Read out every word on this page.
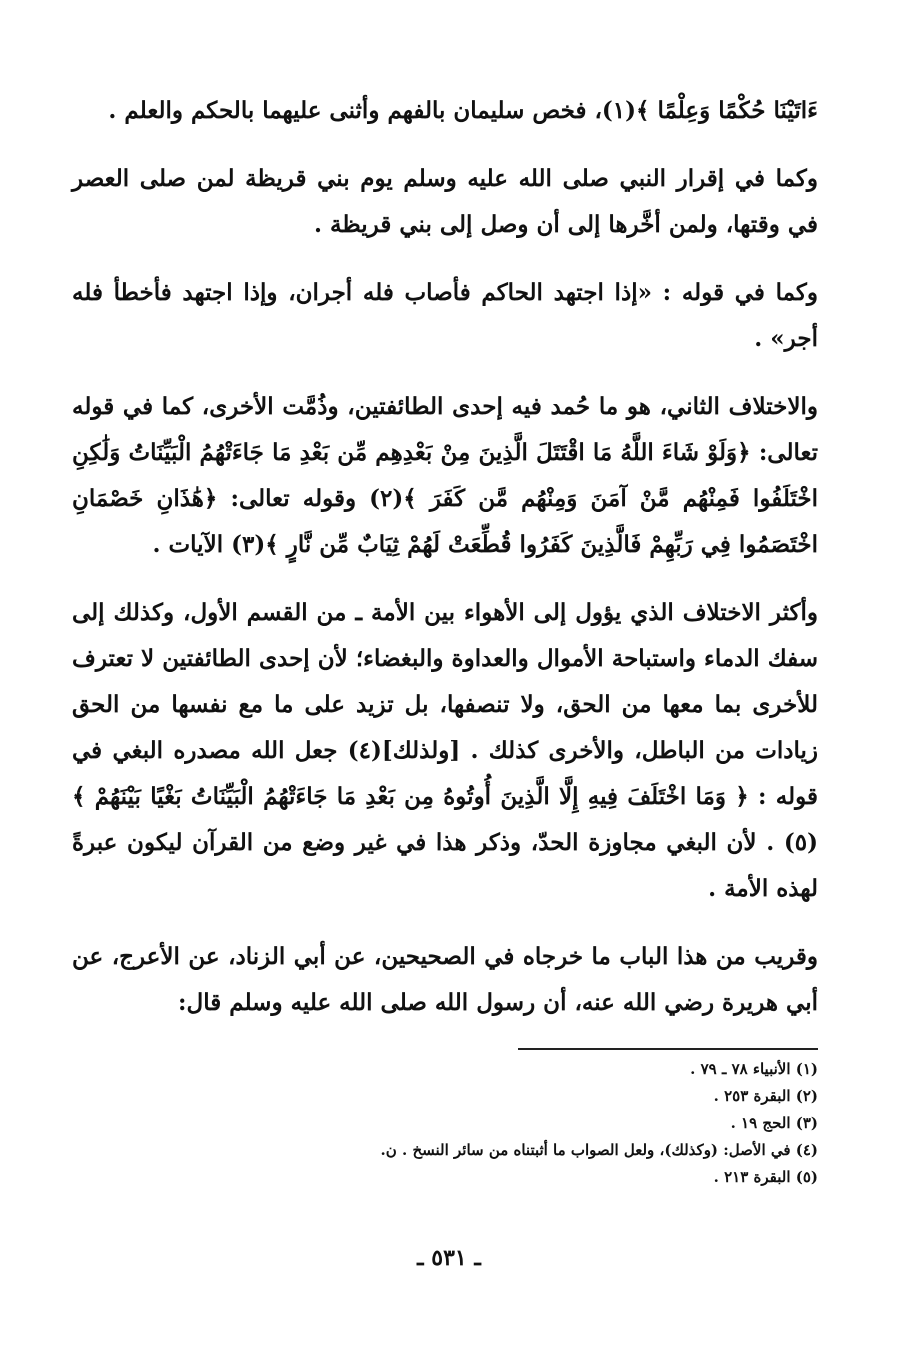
ءَاتَيْنَا حُكْمًا وَعِلْمًا ﴾(١)، فخص سليمان بالفهم وأثنى عليهما بالحكم والعلم .

وكما في إقرار النبي صلى الله عليه وسلم يوم بني قريظة لمن صلى العصر في وقتها، ولمن أخَّرها إلى أن وصل إلى بني قريظة .

وكما في قوله : «إذا اجتهد الحاكم فأصاب فله أجران، وإذا اجتهد فأخطأ فله أجر» .

والاختلاف الثاني، هو ما حُمد فيه إحدى الطائفتين، وذُمَّت الأخرى، كما في قوله تعالى: ﴿وَلَوْ شَاءَ اللَّهُ مَا اقْتَتَلَ الَّذِينَ مِنْ بَعْدِهِم مِّن بَعْدِ مَا جَاءَتْهُمُ الْبَيِّنَاتُ وَلَٰكِنِ اخْتَلَفُوا فَمِنْهُم مَّنْ آمَنَ وَمِنْهُم مَّن كَفَرَ ﴾(٢) وقوله تعالى: ﴿هَٰذَانِ خَصْمَانِ اخْتَصَمُوا فِي رَبِّهِمْ فَالَّذِينَ كَفَرُوا قُطِّعَتْ لَهُمْ ثِيَابٌ مِّن نَّارٍ ﴾(٣) الآيات .

وأكثر الاختلاف الذي يؤول إلى الأهواء بين الأمة ـ من القسم الأول، وكذلك إلى سفك الدماء واستباحة الأموال والعداوة والبغضاء؛ لأن إحدى الطائفتين لا تعترف للأخرى بما معها من الحق، ولا تنصفها، بل تزيد على ما مع نفسها من الحق زيادات من الباطل، والأخرى كذلك . [ولذلك](٤) جعل الله مصدره البغي في قوله : ﴿ وَمَا اخْتَلَفَ فِيهِ إِلَّا الَّذِينَ أُوتُوهُ مِن بَعْدِ مَا جَاءَتْهُمُ الْبَيِّنَاتُ بَغْيًا بَيْنَهُمْ ﴾(٥) . لأن البغي مجاوزة الحدّ، وذكر هذا في غير وضع من القرآن ليكون عبرةً لهذه الأمة .

وقريب من هذا الباب ما خرجاه في الصحيحين، عن أبي الزناد، عن الأعرج، عن أبي هريرة رضي الله عنه، أن رسول الله صلى الله عليه وسلم قال:

(١) الأنبياء ٧٨ ـ ٧٩ .
(٢) البقرة ٢٥٣ .
(٣) الحج ١٩ .
(٤) في الأصل: (وكذلك)، ولعل الصواب ما أثبتناه من سائر النسخ . ن.
(٥) البقرة ٢١٣ .
ـ ٥٣١ ـ
